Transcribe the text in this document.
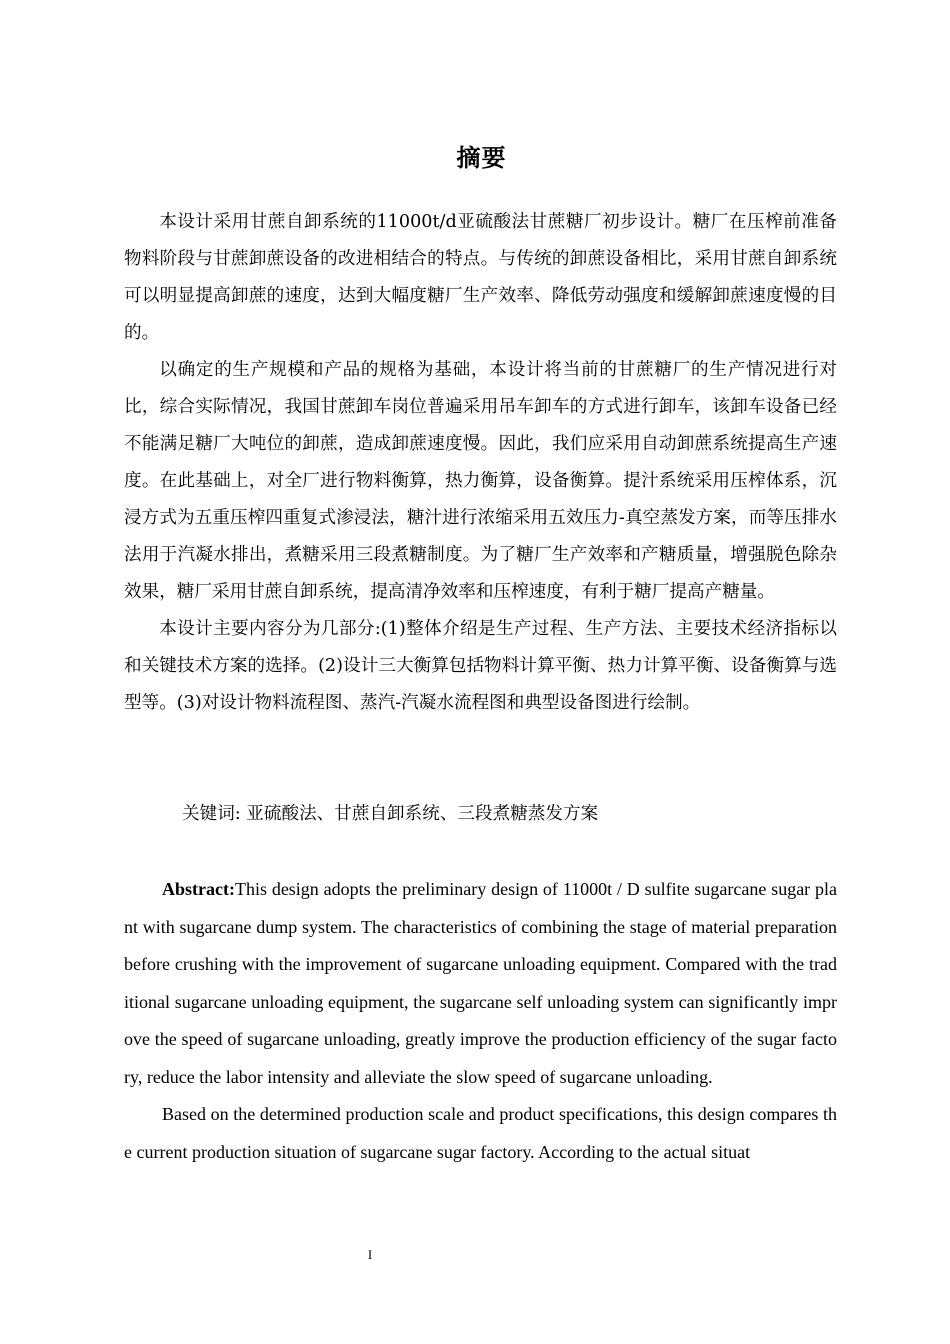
摘要

本设计采用甘蔗自卸系统的11000t/d亚硫酸法甘蔗糖厂初步设计。糖厂在压榨前准备物料阶段与甘蔗卸蔗设备的改进相结合的特点。与传统的卸蔗设备相比，采用甘蔗自卸系统可以明显提高卸蔗的速度，达到大幅度糖厂生产效率、降低劳动强度和缓解卸蔗速度慢的目的。

以确定的生产规模和产品的规格为基础，本设计将当前的甘蔗糖厂的生产情况进行对比，综合实际情况，我国甘蔗卸车岗位普遍采用吊车卸车的方式进行卸车，该卸车设备已经不能满足糖厂大吨位的卸蔗，造成卸蔗速度慢。因此，我们应采用自动卸蔗系统提高生产速度。在此基础上，对全厂进行物料衡算，热力衡算，设备衡算。提汁系统采用压榨体系，沉浸方式为五重压榨四重复式渗浸法，糖汁进行浓缩采用五效压力-真空蒸发方案，而等压排水法用于汽凝水排出，煮糖采用三段煮糖制度。为了糖厂生产效率和产糖质量，增强脱色除杂效果，糖厂采用甘蔗自卸系统，提高清净效率和压榨速度，有利于糖厂提高产糖量。

本设计主要内容分为几部分:(1)整体介绍是生产过程、生产方法、主要技术经济指标以和关键技术方案的选择。(2)设计三大衡算包括物料计算平衡、热力计算平衡、设备衡算与选型等。(3)对设计物料流程图、蒸汽-汽凝水流程图和典型设备图进行绘制。

关键词: 亚硫酸法、甘蔗自卸系统、三段煮糖蒸发方案

Abstract:This design adopts the preliminary design of 11000t / D sulfite sugarcane sugar plant with sugarcane dump system. The characteristics of combining the stage of material preparation before crushing with the improvement of sugarcane unloading equipment. Compared with the traditional sugarcane unloading equipment, the sugarcane self unloading system can significantly improve the speed of sugarcane unloading, greatly improve the production efficiency of the sugar factory, reduce the labor intensity and alleviate the slow speed of sugarcane unloading.

Based on the determined production scale and product specifications, this design compares the current production situation of sugarcane sugar factory. According to the actual situat

I
